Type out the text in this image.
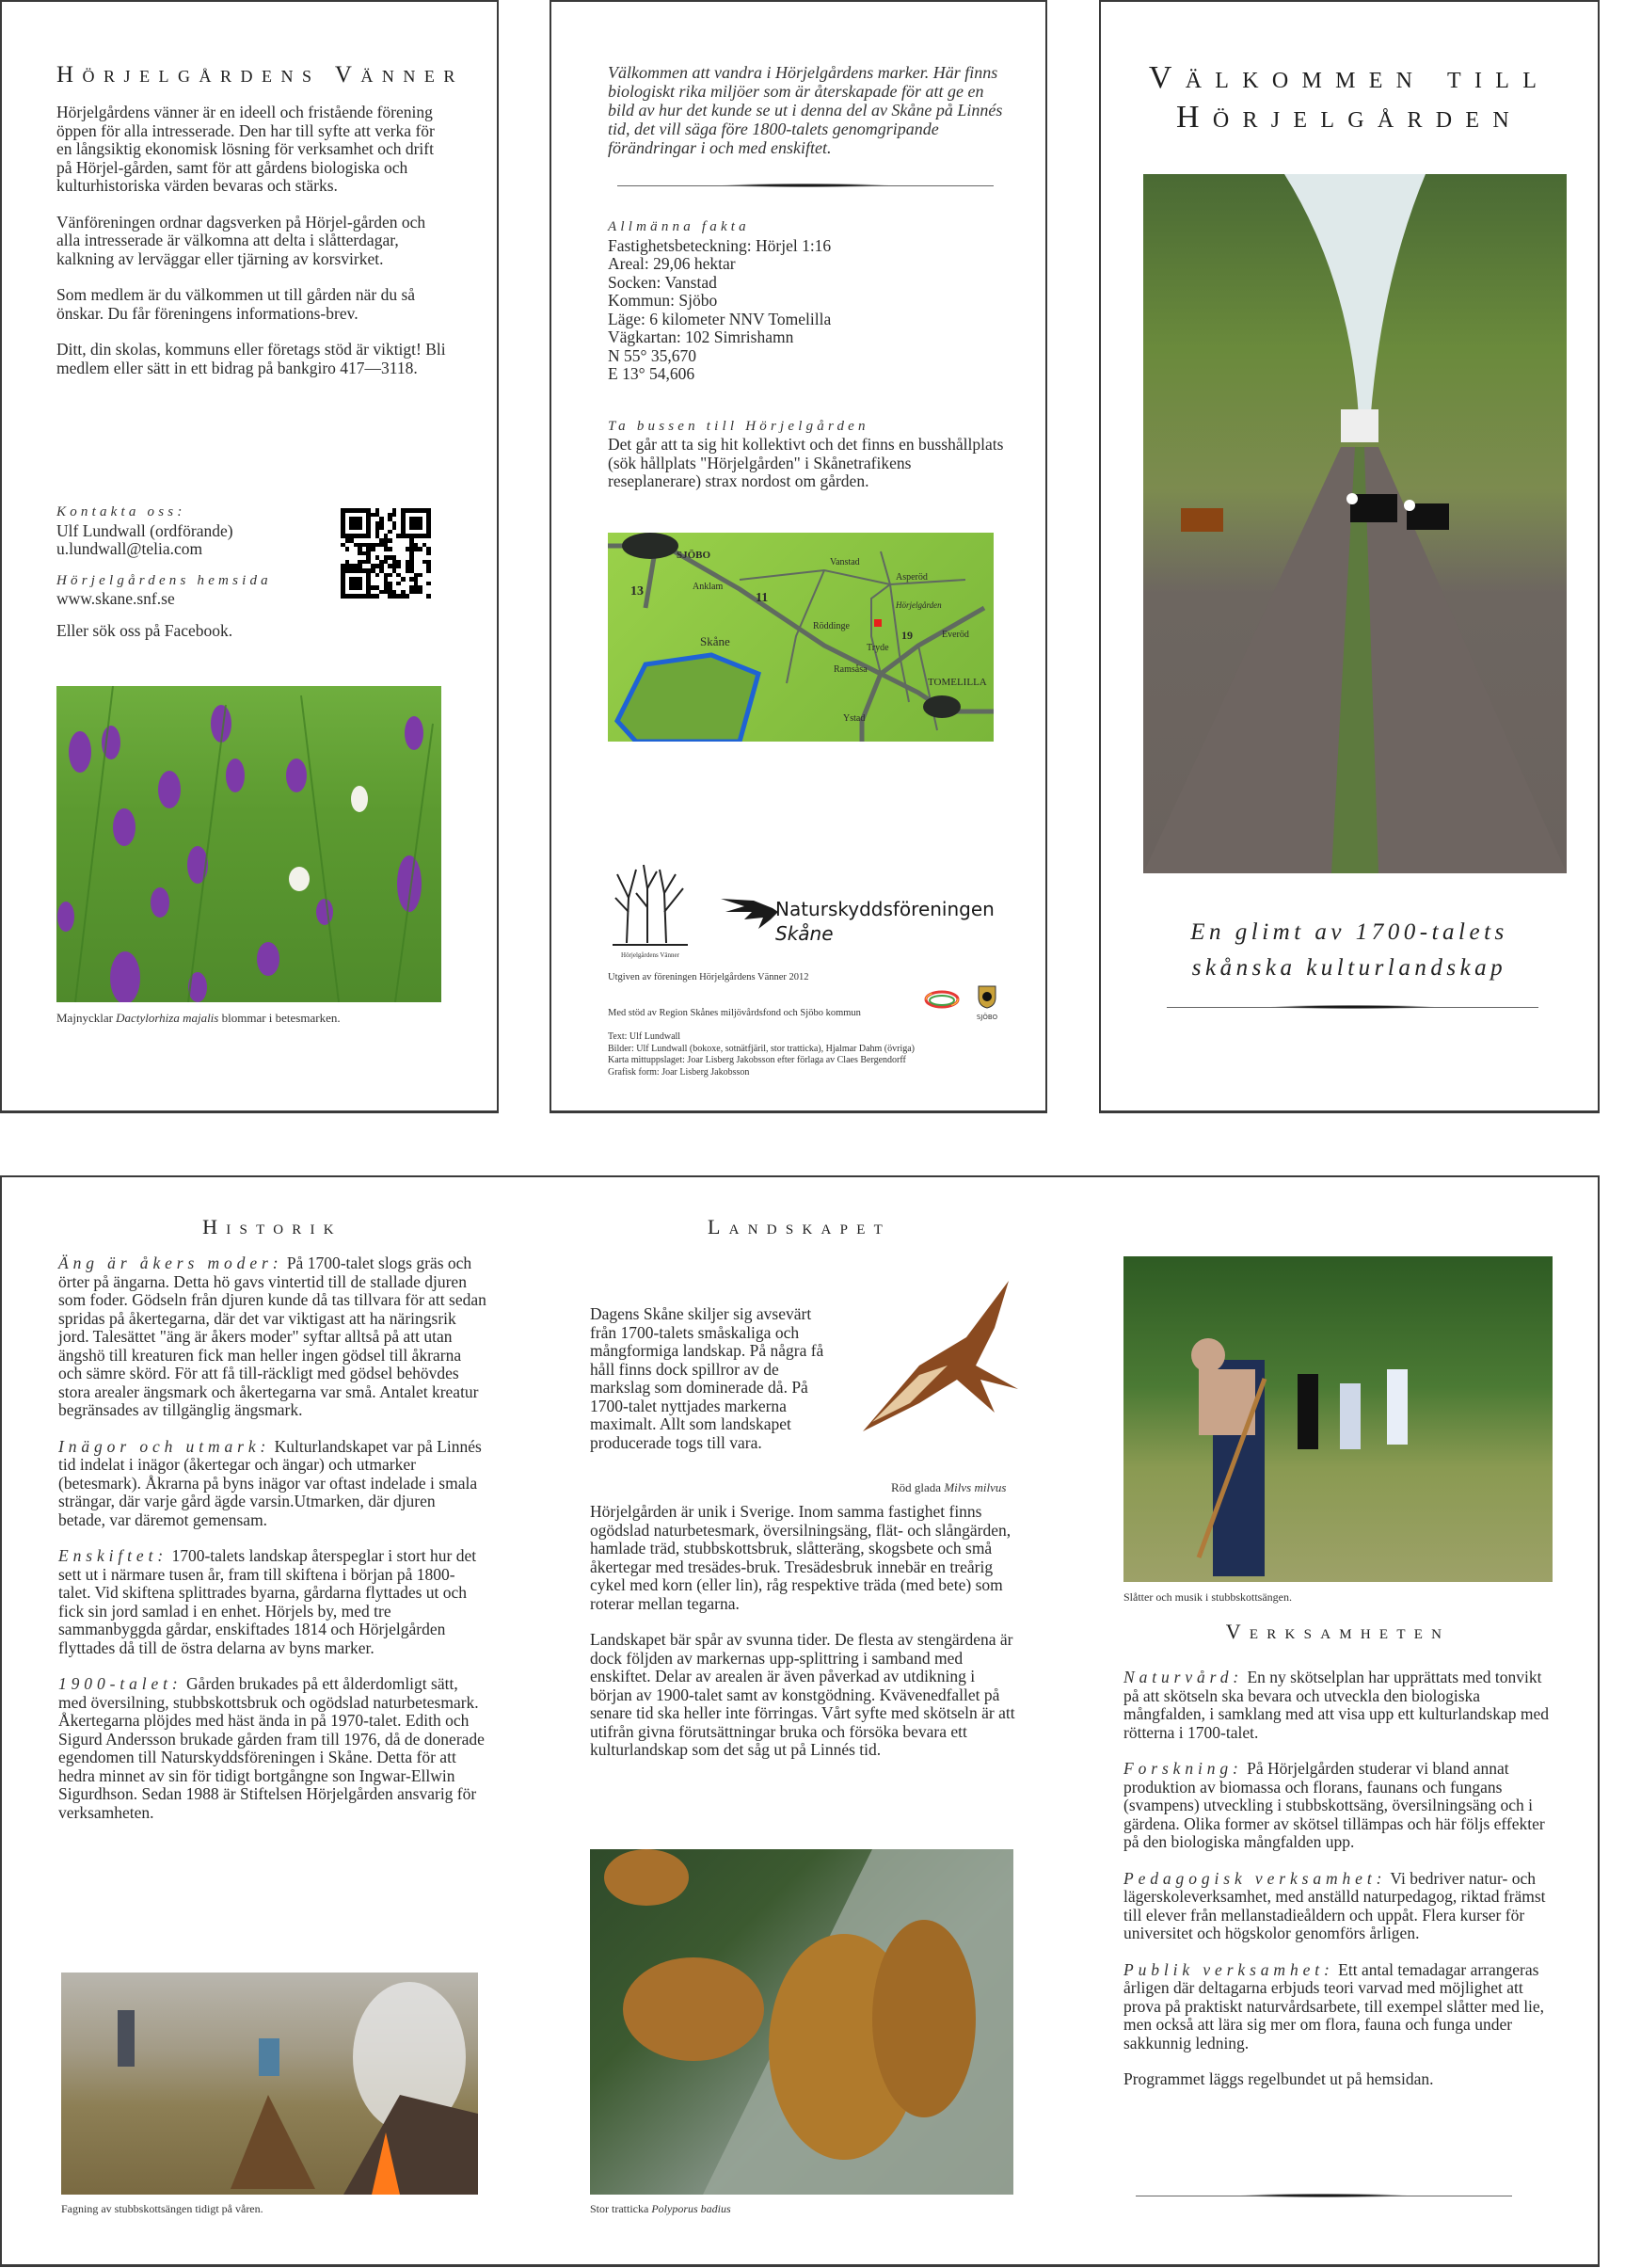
Hörjelgårdens Vänner

Hörjelgårdens vänner är en ideell och fristående förening öppen för alla intresserade. Den har till syfte att verka för en långsiktig ekonomisk lösning för verksamhet och drift på Hörjel-gården, samt för att gårdens biologiska och kulturhistoriska värden bevaras och stärks.

Vänföreningen ordnar dagsverken på Hörjel-gården och alla intresserade är välkomna att delta i slåtterdagar, kalkning av lerväggar eller tjärning av korsvirket.

Som medlem är du välkommen ut till gården när du så önskar. Du får föreningens informations-brev.

Ditt, din skolas, kommuns eller företags stöd är viktigt! Bli medlem eller sätt in ett bidrag på bankgiro 417—3118.

Kontakta oss:
Ulf Lundwall (ordförande)
u.lundwall@telia.com
Hörjelgårdens hemsida
www.skane.snf.se
Eller sök oss på Facebook.
Majnycklar Dactylorhiza majalis blommar i betesmarken.

Välkommen att vandra i Hörjelgårdens marker. Här finns biologiskt rika miljöer som är återskapade för att ge en bild av hur det kunde se ut i denna del av Skåne på Linnés tid, det vill säga före 1800-talets genomgripande förändringar i och med enskiftet.

Allmänna fakta
Fastighetsbeteckning: Hörjel 1:16
Areal: 29,06 hektar
Socken: Vanstad
Kommun: Sjöbo
Läge: 6 kilometer NNV Tomelilla
Vägkartan: 102 Simrishamn
N 55° 35,670
E 13° 54,606
Ta bussen till Hörjelgården
Det går att ta sig hit kollektivt och det finns en busshållplats (sök hållplats "Hörjelgården" i Skånetrafikens reseplanerare) strax nordost om gården.
SJÖBO
13	Anklam
11
Vanstad
Asperöd
Hörjelgården
Röddinge
Skåne	19	Everöd
Tryde
Ramsåsa
TOMELILLA
Ystad
Hörjelgårdens Vänner
Naturskyddsföreningen
Skåne
Utgiven av föreningen Hörjelgårdens Vänner 2012
Med stöd av Region Skånes miljövårdsfond och Sjöbo kommun	SJÖBO
Text: Ulf Lundwall
Bilder: Ulf Lundwall (bokoxe, sotnätfjäril, stor tratticka), Hjalmar Dahm (övriga)
Karta mittuppslaget: Joar Lisberg Jakobsson efter förlaga av Claes Bergendorff
Grafisk form: Joar Lisberg Jakobsson
Välkommen till
Hörjelgården
En glimt av 1700-talets
skånska kulturlandskap
Historik

Äng är åkers moder: På 1700-talet slogs gräs och örter på ängarna. Detta hö gavs vintertid till de stallade djuren som foder. Gödseln från djuren kunde då tas tillvara för att sedan spridas på åkertegarna, där det var viktigast att ha näringsrik jord. Talesättet "äng är åkers moder" syftar alltså på att utan ängshö till kreaturen fick man heller ingen gödsel till åkrarna och sämre skörd. För att få till-räckligt med gödsel behövdes stora arealer ängsmark och åkertegarna var små. Antalet kreatur begränsades av tillgänglig ängsmark.

Inägor och utmark: Kulturlandskapet var på Linnés tid indelat i inägor (åkertegar och ängar) och utmarker (betesmark). Åkrarna på byns inägor var oftast indelade i smala strängar, där varje gård ägde varsin.Utmarken, där djuren betade, var däremot gemensam.

Enskiftet: 1700-talets landskap återspeglar i stort hur det sett ut i närmare tusen år, fram till skiftena i början på 1800-talet. Vid skiftena splittrades byarna, gårdarna flyttades ut och fick sin jord samlad i en enhet. Hörjels by, med tre sammanbyggda gårdar, enskiftades 1814 och Hörjelgården flyttades då till de östra delarna av byns marker.

1900-talet: Gården brukades på ett ålderdomligt sätt, med översilning, stubbskottsbruk och ogödslad naturbetesmark. Åkertegarna plöjdes med häst ända in på 1970-talet. Edith och Sigurd Andersson brukade gården fram till 1976, då de donerade egendomen till Naturskyddsföreningen i Skåne. Detta för att hedra minnet av sin för tidigt bortgångne son Ingwar-Ellwin Sigurdhson. Sedan 1988 är Stiftelsen Hörjelgården ansvarig för verksamheten.

Fagning av stubbskottsängen tidigt på våren.
Landskapet

Dagens Skåne skiljer sig avsevärt från 1700-talets småskaliga och mångformiga landskap. På några få håll finns dock spillror av de markslag som dominerade då. På 1700-talet nyttjades markerna maximalt. Allt som landskapet producerade togs till vara.

Röd glada Milvs milvus

Hörjelgården är unik i Sverige. Inom samma fastighet finns ogödslad naturbetesmark, översilningsäng, flät- och slångärden, hamlade träd, stubbskottsbruk, slåtteräng, skogsbete och små åkertegar med tresädes-bruk. Tresädesbruk innebär en treårig cykel med korn (eller lin), råg respektive träda (med bete) som roterar mellan tegarna.

Landskapet bär spår av svunna tider. De flesta av stengärdena är dock följden av markernas upp-splittring i samband med enskiftet. Delar av arealen är även påverkad av utdikning i början av 1900-talet samt av konstgödning. Kvävenedfallet på senare tid ska heller inte förringas. Vårt syfte med skötseln är att utifrån givna förutsättningar bruka och försöka bevara ett kulturlandskap som det såg ut på Linnés tid.

Stor tratticka Polyporus badius
Slåtter och musik i stubbskottsängen.
Verksamheten

Naturvård: En ny skötselplan har upprättats med tonvikt på att skötseln ska bevara och utveckla den biologiska mångfalden, i samklang med att visa upp ett kulturlandskap med rötterna i 1700-talet.

Forskning: På Hörjelgården studerar vi bland annat produktion av biomassa och florans, faunans och fungans (svampens) utveckling i stubbskottsäng, översilningsäng och i gärdena. Olika former av skötsel tillämpas och här följs effekter på den biologiska mångfalden upp.

Pedagogisk verksamhet: Vi bedriver natur- och lägerskoleverksamhet, med anställd naturpedagog, riktad främst till elever från mellanstadieåldern och uppåt. Flera kurser för universitet och högskolor genomförs årligen.

Publik verksamhet: Ett antal temadagar arrangeras årligen där deltagarna erbjuds teori varvad med möjlighet att prova på praktiskt naturvårdsarbete, till exempel slåtter med lie, men också att lära sig mer om flora, fauna och funga under sakkunnig ledning.

Programmet läggs regelbundet ut på hemsidan.
